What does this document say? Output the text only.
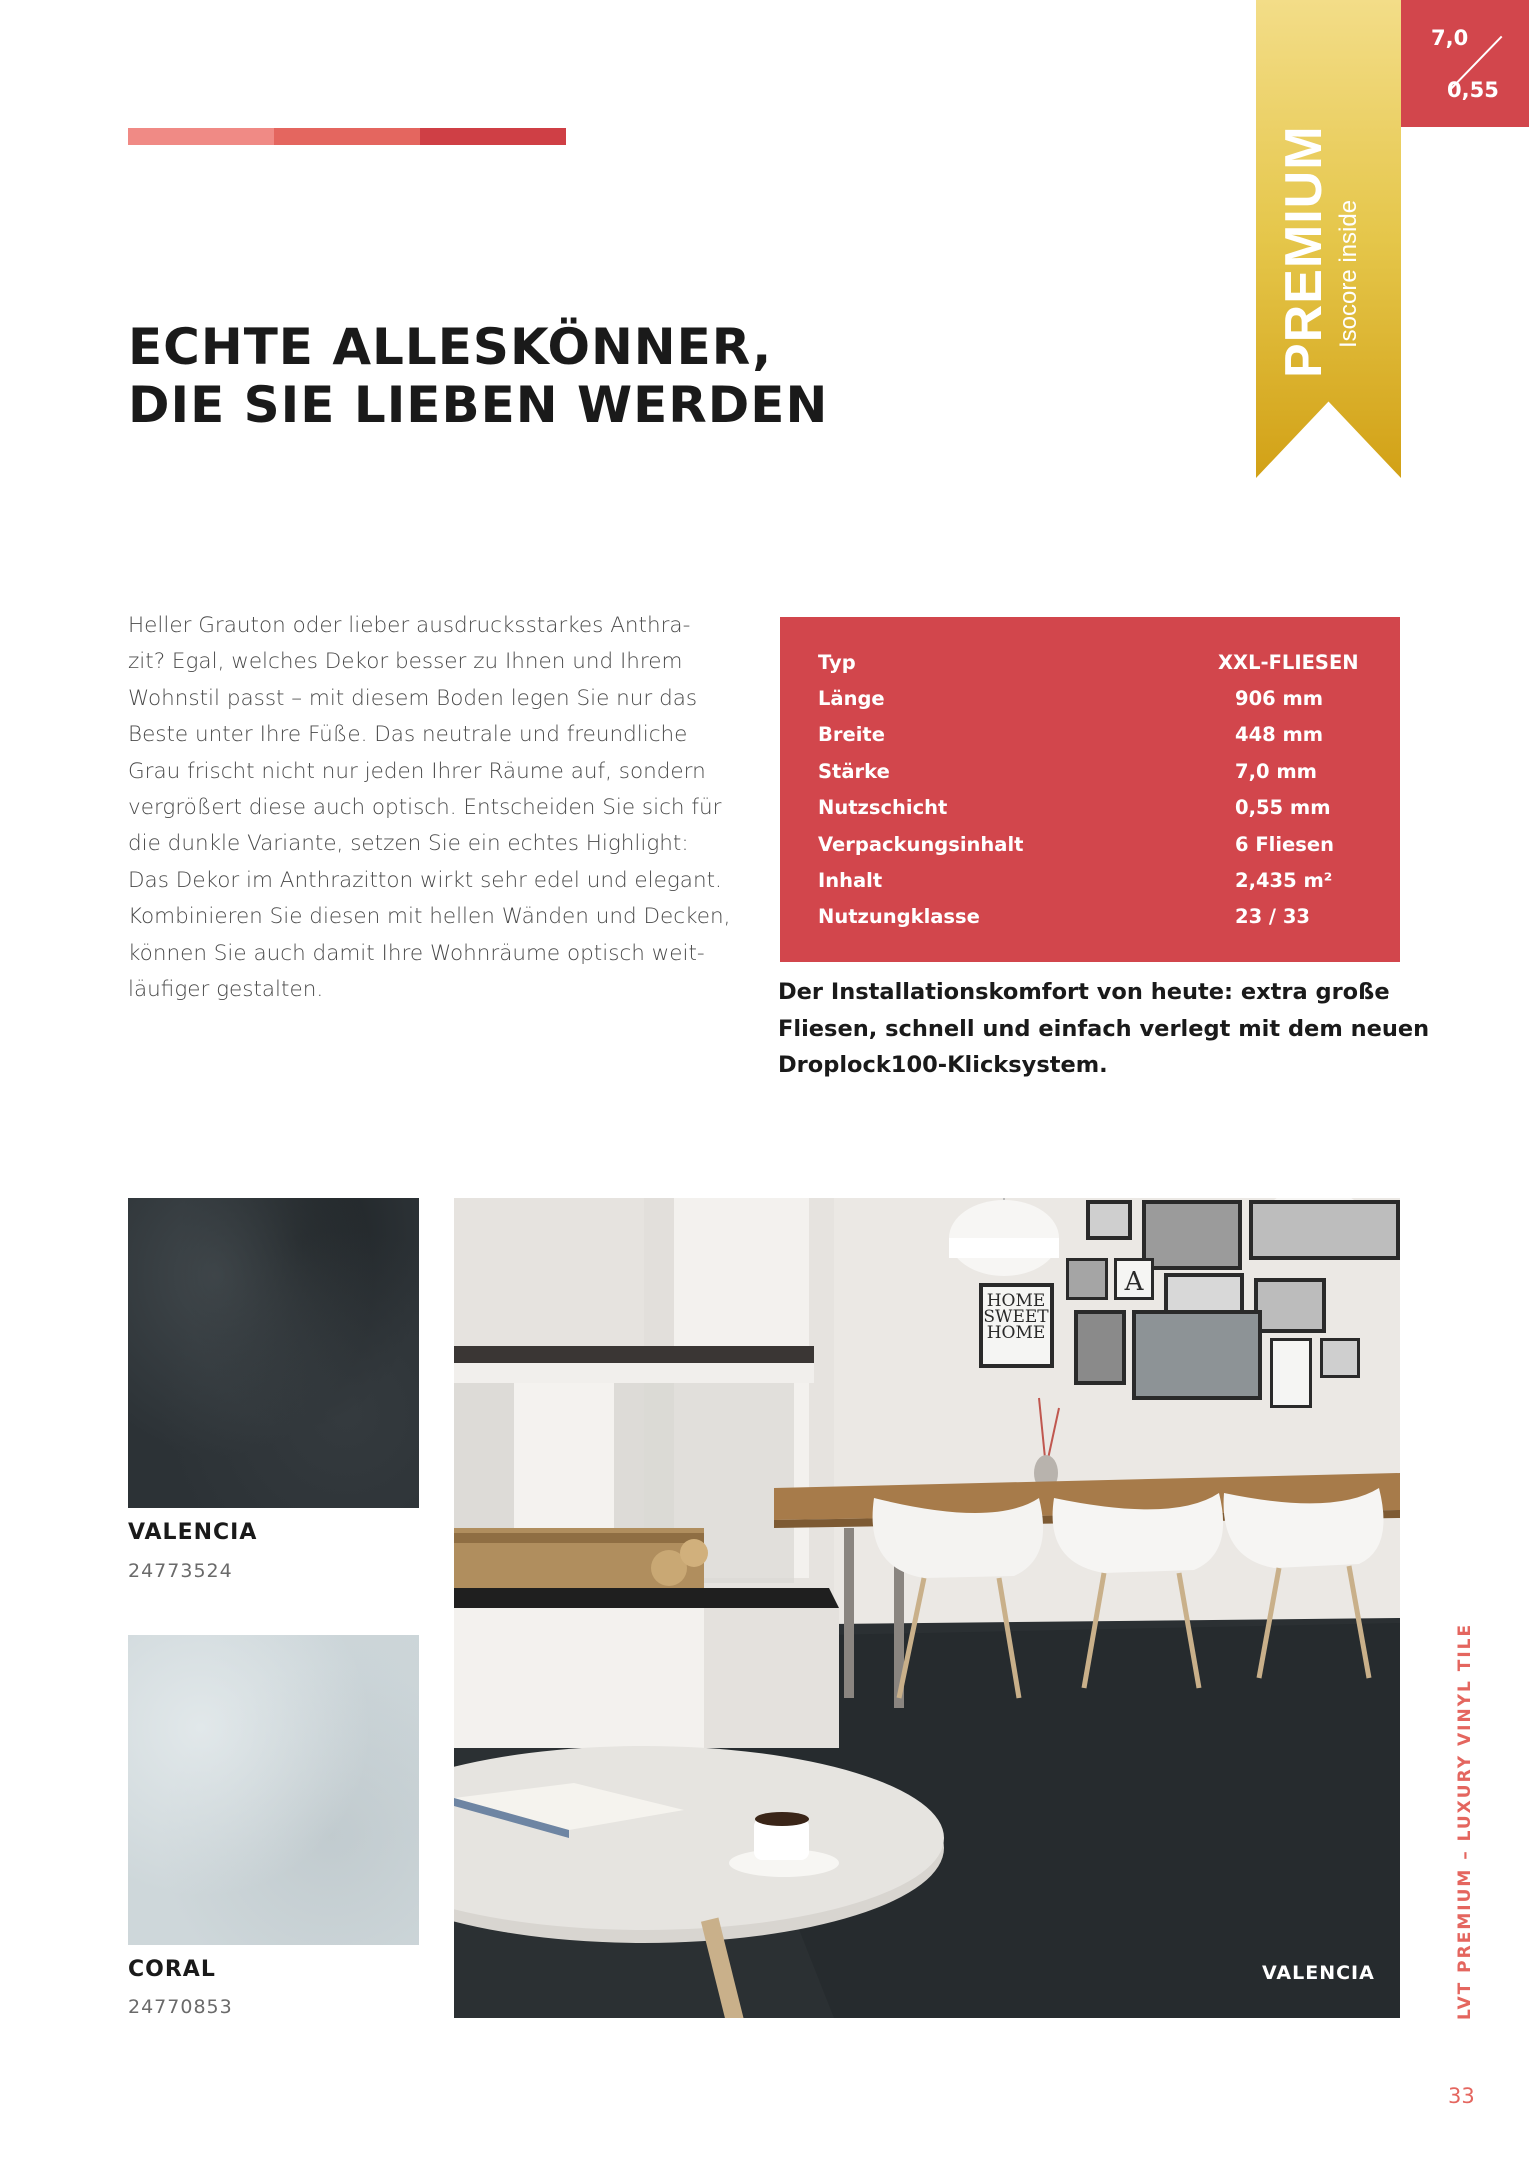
ECHTE ALLESKÖNNER,
DIE SIE LIEBEN WERDEN
PREMIUM Isocore inside
7,0
0,55

Heller Grauton oder lieber ausdrucksstarkes Anthra-
zit? Egal, welches Dekor besser zu Ihnen und Ihrem
Wohnstil passt – mit diesem Boden legen Sie nur das
Beste unter Ihre Füße. Das neutrale und freundliche
Grau frischt nicht nur jeden Ihrer Räume auf, sondern
vergrößert diese auch optisch. Entscheiden Sie sich für
die dunkle Variante, setzen Sie ein echtes Highlight:
Das Dekor im Anthrazitton wirkt sehr edel und elegant.
Kombinieren Sie diesen mit hellen Wänden und Decken,
können Sie auch damit Ihre Wohnräume optisch weit-
läufiger gestalten.

Typ	XXL-FLIESEN
Länge	906 mm
Breite	448 mm
Stärke	7,0 mm
Nutzschicht	0,55 mm
Verpackungsinhalt	6 Fliesen
Inhalt	2,435 m²
Nutzungklasse	23 / 33

Der Installationskomfort von heute: extra große
Fliesen, schnell und einfach verlegt mit dem neuen
Droplock100-Klicksystem.

VALENCIA

24773524

CORAL

24770853

HOME
SWEET
HOME
A
VALENCIA	LVT PREMIUM – LUXURY VINYL TILE
33
